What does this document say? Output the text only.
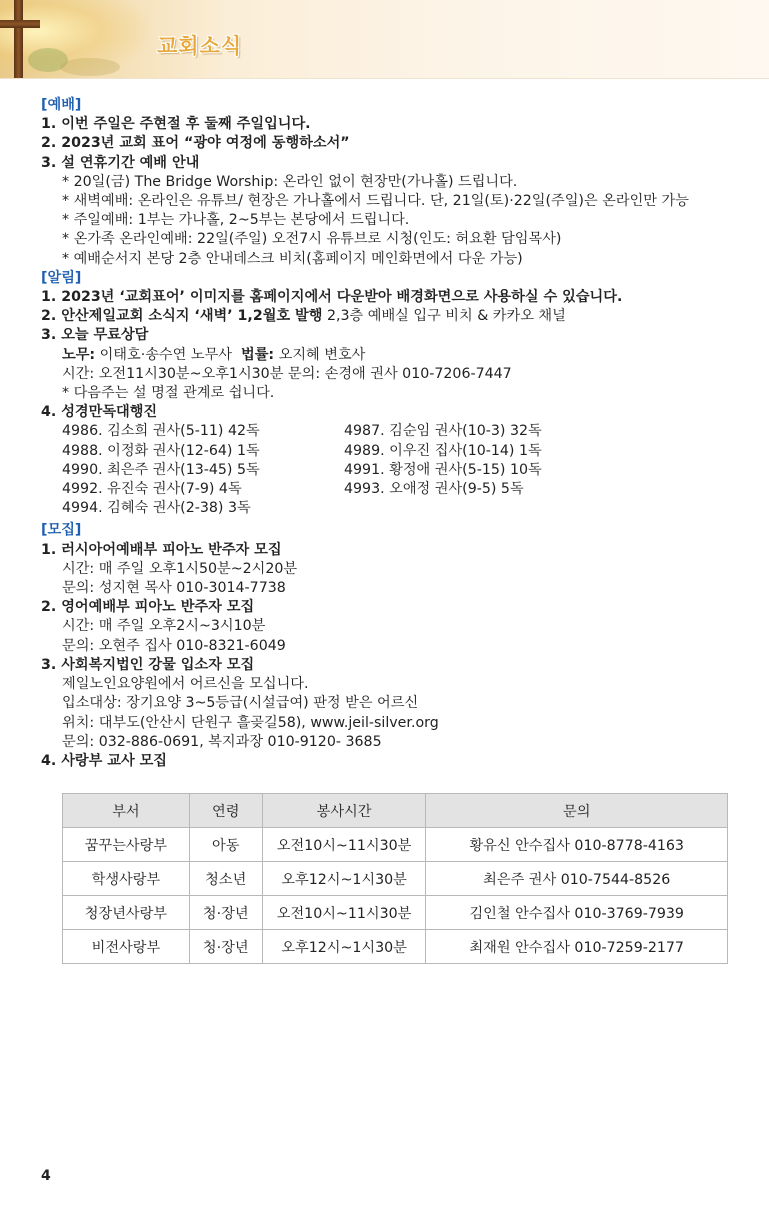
교회소식
[예배]
1. 이번 주일은 주현절 후 둘째 주일입니다.
2. 2023년 교회 표어 “광야 여정에 동행하소서”
3. 설 연휴기간 예배 안내
* 20일(금) The Bridge Worship: 온라인 없이 현장만(가나홀) 드립니다.
* 새벽예배: 온라인은 유튜브/ 현장은 가나홀에서 드립니다. 단, 21일(토)·22일(주일)은 온라인만 가능
* 주일예배: 1부는 가나홀, 2~5부는 본당에서 드립니다.
* 온가족 온라인예배: 22일(주일) 오전7시 유튜브로 시청(인도: 허요환 담임목사)
* 예배순서지 본당 2층 안내데스크 비치(홈페이지 메인화면에서 다운 가능)
[알림]
1. 2023년 ‘교회표어’ 이미지를 홈페이지에서 다운받아 배경화면으로 사용하실 수 있습니다.
2. 안산제일교회 소식지 ‘새벽’ 1,2월호 발행 2,3층 예배실 입구 비치 & 카카오 채널
3. 오늘 무료상담
노무: 이태호·송수연 노무사 법률: 오지혜 변호사
시간: 오전11시30분~오후1시30분 문의: 손경애 권사 010-7206-7447
* 다음주는 설 명절 관계로 쉽니다.
4. 성경만독대행진
4986. 김소희 권사(5-11) 42독	4987. 김순임 권사(10-3) 32독
4988. 이정화 권사(12-64) 1독	4989. 이우진 집사(10-14) 1독
4990. 최은주 권사(13-45) 5독	4991. 황정애 권사(5-15) 10독
4992. 유진숙 권사(7-9) 4독	4993. 오애정 권사(9-5) 5독
4994. 김혜숙 권사(2-38) 3독
[모집]
1. 러시아어예배부 피아노 반주자 모집
시간: 매 주일 오후1시50분~2시20분
문의: 성지현 목사 010-3014-7738
2. 영어예배부 피아노 반주자 모집
시간: 매 주일 오후2시~3시10분
문의: 오현주 집사 010-8321-6049
3. 사회복지법인 강물 입소자 모집
제일노인요양원에서 어르신을 모십니다.
입소대상: 장기요양 3~5등급(시설급여) 판정 받은 어르신
위치: 대부도(안산시 단원구 흘곶길58), www.jeil-silver.org
문의: 032-886-0691, 복지과장 010-9120- 3685
4. 사랑부 교사 모집
부서	연령	봉사시간	문의
꿈꾸는사랑부	아동	오전10시~11시30분	황유신 안수집사 010-8778-4163
학생사랑부	청소년	오후12시~1시30분	최은주 권사 010-7544-8526
청장년사랑부	청·장년	오전10시~11시30분	김인철 안수집사 010-3769-7939
비전사랑부	청·장년	오후12시~1시30분	최재원 안수집사 010-7259-2177
4
